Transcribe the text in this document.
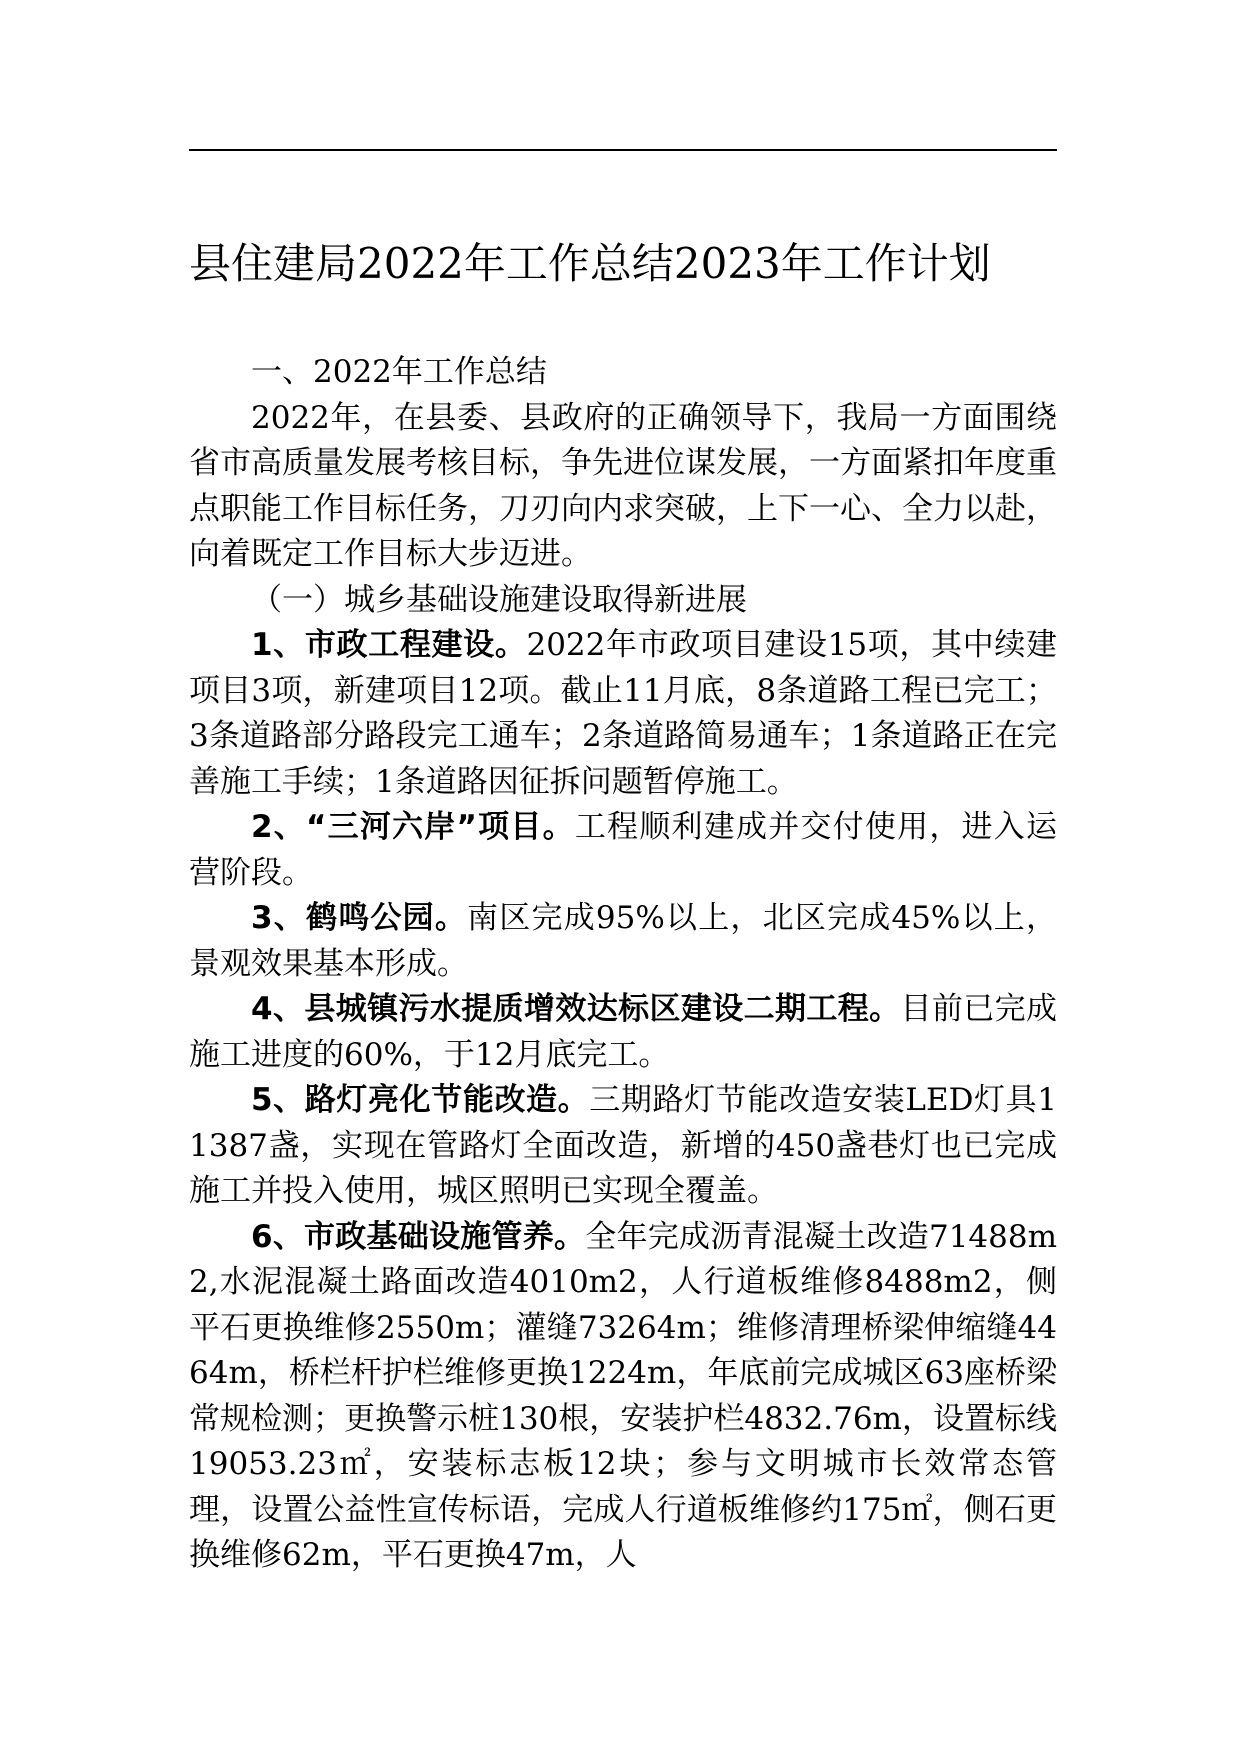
县住建局2022年工作总结2023年工作计划

一、2022年工作总结

2022年，在县委、县政府的正确领导下，我局一方面围绕省市高质量发展考核目标，争先进位谋发展，一方面紧扣年度重点职能工作目标任务，刀刃向内求突破，上下一心、全力以赴，向着既定工作目标大步迈进。

（一）城乡基础设施建设取得新进展

1、市政工程建设。2022年市政项目建设15项，其中续建项目3项，新建项目12项。截止11月底，8条道路工程已完工；3条道路部分路段完工通车；2条道路简易通车；1条道路正在完善施工手续；1条道路因征拆问题暂停施工。

2、“三河六岸”项目。工程顺利建成并交付使用，进入运营阶段。

3、鹤鸣公园。南区完成95%以上，北区完成45%以上，景观效果基本形成。

4、县城镇污水提质增效达标区建设二期工程。目前已完成施工进度的60%，于12月底完工。

5、路灯亮化节能改造。三期路灯节能改造安装LED灯具11387盏，实现在管路灯全面改造，新增的450盏巷灯也已完成施工并投入使用，城区照明已实现全覆盖。

6、市政基础设施管养。全年完成沥青混凝土改造71488m2,水泥混凝土路面改造4010m2，人行道板维修8488m2，侧平石更换维修2550m；灌缝73264m；维修清理桥梁伸缩缝4464m，桥栏杆护栏维修更换1224m，年底前完成城区63座桥梁常规检测；更换警示桩130根，安装护栏4832.76m，设置标线19053.23㎡，安装标志板12块；参与文明城市长效常态管理，设置公益性宣传标语，完成人行道板维修约175㎡，侧石更换维修62m，平石更换47m，人
